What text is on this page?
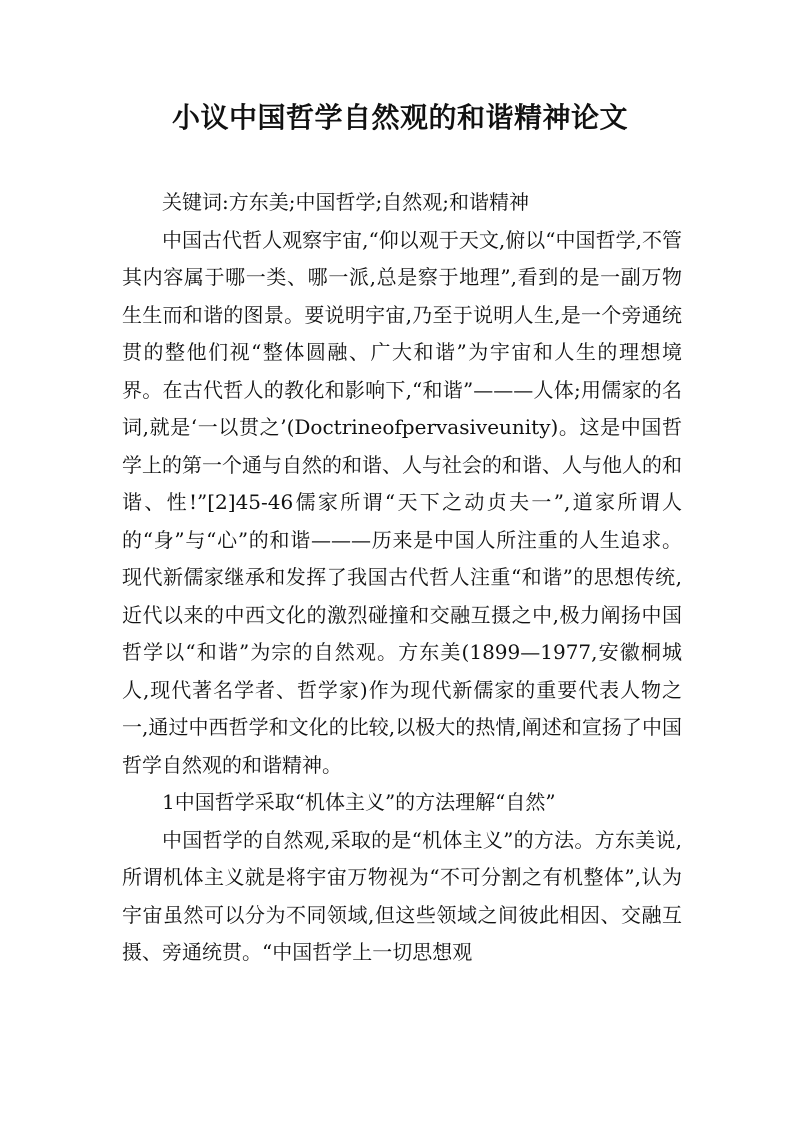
小议中国哲学自然观的和谐精神论文

关键词:方东美;中国哲学;自然观;和谐精神

中国古代哲人观察宇宙,“仰以观于天文,俯以“中国哲学,不管其内容属于哪一类、哪一派,总是察于地理”,看到的是一副万物生生而和谐的图景。要说明宇宙,乃至于说明人生,是一个旁通统贯的整他们视“整体圆融、广大和谐”为宇宙和人生的理想境界。在古代哲人的教化和影响下,“和谐”———人体;用儒家的名词,就是‘一以贯之’(Doctrineofpervasiveunity)。这是中国哲学上的第一个通与自然的和谐、人与社会的和谐、人与他人的和谐、性!”[2]45-46儒家所谓“天下之动贞夫一”,道家所谓人的“身”与“心”的和谐———历来是中国人所注重的人生追求。现代新儒家继承和发挥了我国古代哲人注重“和谐”的思想传统,近代以来的中西文化的激烈碰撞和交融互摄之中,极力阐扬中国哲学以“和谐”为宗的自然观。方东美(1899—1977,安徽桐城人,现代著名学者、哲学家)作为现代新儒家的重要代表人物之一,通过中西哲学和文化的比较,以极大的热情,阐述和宣扬了中国哲学自然观的和谐精神。

1中国哲学采取“机体主义”的方法理解“自然”

中国哲学的自然观,采取的是“机体主义”的方法。方东美说,所谓机体主义就是将宇宙万物视为“不可分割之有机整体”,认为宇宙虽然可以分为不同领域,但这些领域之间彼此相因、交融互摄、旁通统贯。“中国哲学上一切思想观
